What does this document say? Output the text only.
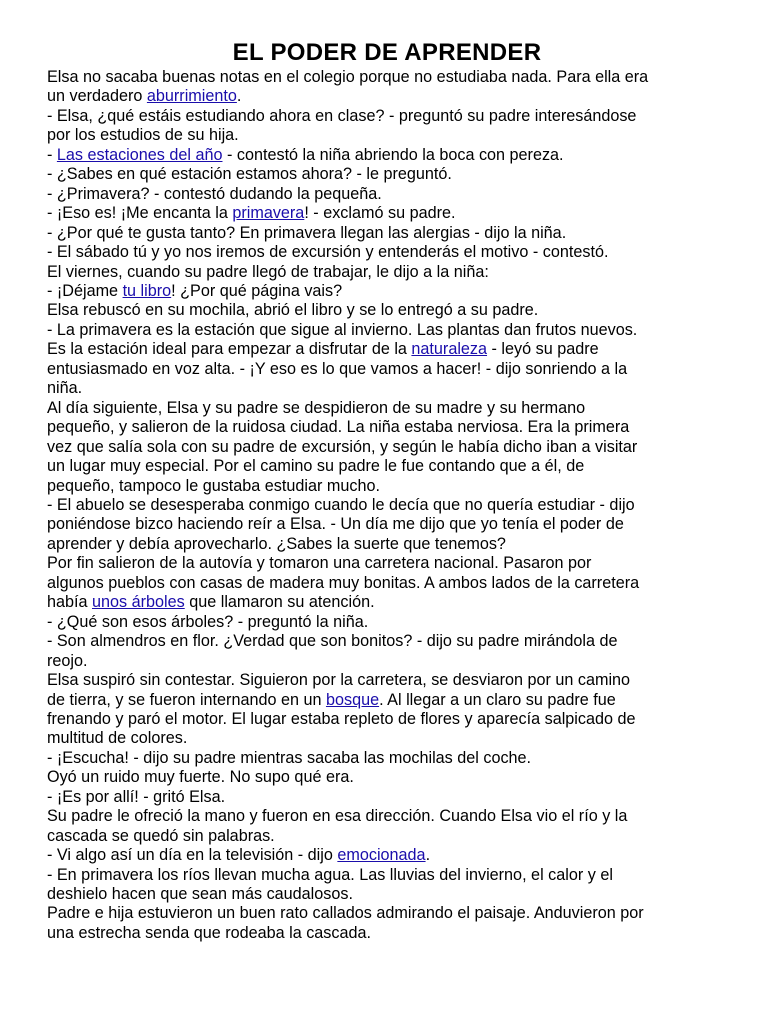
EL PODER DE APRENDER
Elsa no sacaba buenas notas en el colegio porque no estudiaba nada. Para ella era
un verdadero aburrimiento.
- Elsa, ¿qué estáis estudiando ahora en clase? - preguntó su padre interesándose
por los estudios de su hija.
- Las estaciones del año - contestó la niña abriendo la boca con pereza.
- ¿Sabes en qué estación estamos ahora? - le preguntó.
- ¿Primavera? - contestó dudando la pequeña.
- ¡Eso es! ¡Me encanta la primavera! - exclamó su padre.
- ¿Por qué te gusta tanto? En primavera llegan las alergias - dijo la niña.
- El sábado tú y yo nos iremos de excursión y entenderás el motivo - contestó.
El viernes, cuando su padre llegó de trabajar, le dijo a la niña:
- ¡Déjame tu libro! ¿Por qué página vais?
Elsa rebuscó en su mochila, abrió el libro y se lo entregó a su padre.
- La primavera es la estación que sigue al invierno. Las plantas dan frutos nuevos.
Es la estación ideal para empezar a disfrutar de la naturaleza - leyó su padre
entusiasmado en voz alta. - ¡Y eso es lo que vamos a hacer! - dijo sonriendo a la
niña.
Al día siguiente, Elsa y su padre se despidieron de su madre y su hermano
pequeño, y salieron de la ruidosa ciudad. La niña estaba nerviosa. Era la primera
vez que salía sola con su padre de excursión, y según le había dicho iban a visitar
un lugar muy especial. Por el camino su padre le fue contando que a él, de
pequeño, tampoco le gustaba estudiar mucho.
- El abuelo se desesperaba conmigo cuando le decía que no quería estudiar - dijo
poniéndose bizco haciendo reír a Elsa. - Un día me dijo que yo tenía el poder de
aprender y debía aprovecharlo. ¿Sabes la suerte que tenemos?
Por fin salieron de la autovía y tomaron una carretera nacional. Pasaron por
algunos pueblos con casas de madera muy bonitas. A ambos lados de la carretera
había unos árboles que llamaron su atención.
- ¿Qué son esos árboles? - preguntó la niña.
- Son almendros en flor. ¿Verdad que son bonitos? - dijo su padre mirándola de
reojo.
Elsa suspiró sin contestar. Siguieron por la carretera, se desviaron por un camino
de tierra, y se fueron internando en un bosque. Al llegar a un claro su padre fue
frenando y paró el motor. El lugar estaba repleto de flores y aparecía salpicado de
multitud de colores.
- ¡Escucha! - dijo su padre mientras sacaba las mochilas del coche.
Oyó un ruido muy fuerte. No supo qué era.
- ¡Es por allí! - gritó Elsa.
Su padre le ofreció la mano y fueron en esa dirección. Cuando Elsa vio el río y la
cascada se quedó sin palabras.
- Vi algo así un día en la televisión - dijo emocionada.
- En primavera los ríos llevan mucha agua. Las lluvias del invierno, el calor y el
deshielo hacen que sean más caudalosos.
Padre e hija estuvieron un buen rato callados admirando el paisaje. Anduvieron por
una estrecha senda que rodeaba la cascada.
